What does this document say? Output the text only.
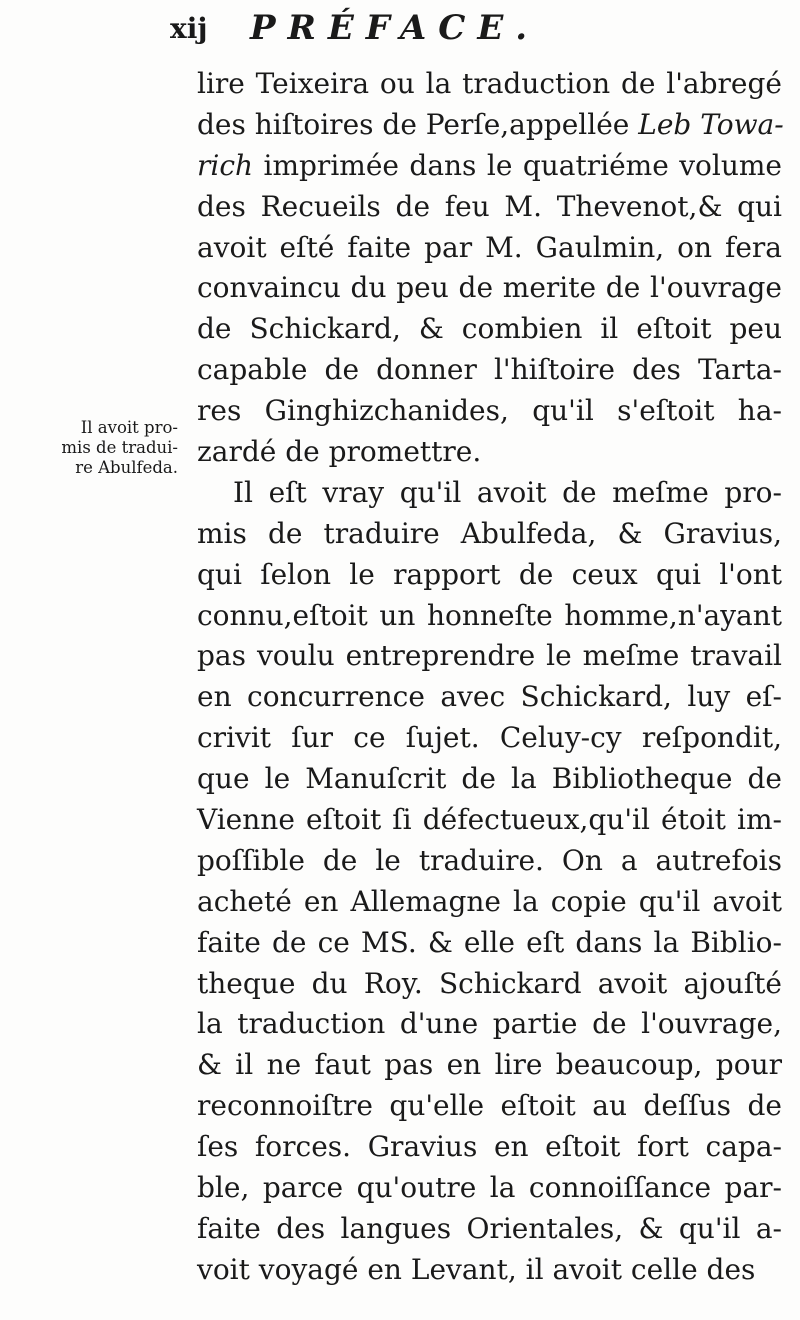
xij PRÉFACE.
Il avoit pro-
mis de tradui-
re Abulfeda.
lire Teixeira ou la traduction de l'abregé
des hiſtoires de Perſe,appellée Leb Towa-
rich imprimée dans le quatriéme volume
des Recueils de feu M. Thevenot,& qui
avoit eſté faite par M. Gaulmin, on fera
convaincu du peu de merite de l'ouvrage
de Schickard, & combien il eſtoit peu
capable de donner l'hiſtoire des Tarta-
res Ginghizchanides, qu'il s'eſtoit ha-
zardé de promettre.
Il eſt vray qu'il avoit de meſme pro-
mis de traduire Abulfeda, & Gravius,
qui ſelon le rapport de ceux qui l'ont
connu,eſtoit un honneſte homme,n'ayant
pas voulu entreprendre le meſme travail
en concurrence avec Schickard, luy eſ-
crivit ſur ce ſujet. Celuy-cy reſpondit,
que le Manuſcrit de la Bibliotheque de
Vienne eſtoit ſi défectueux,qu'il étoit im-
poſſible de le traduire. On a autrefois
acheté en Allemagne la copie qu'il avoit
faite de ce MS. & elle eſt dans la Biblio-
theque du Roy. Schickard avoit ajouſté
la traduction d'une partie de l'ouvrage,
& il ne faut pas en lire beaucoup, pour
reconnoiſtre qu'elle eſtoit au deſſus de
ſes forces. Gravius en eſtoit fort capa-
ble, parce qu'outre la connoiſſance par-
faite des langues Orientales, & qu'il a-
voit voyagé en Levant, il avoit celle des
